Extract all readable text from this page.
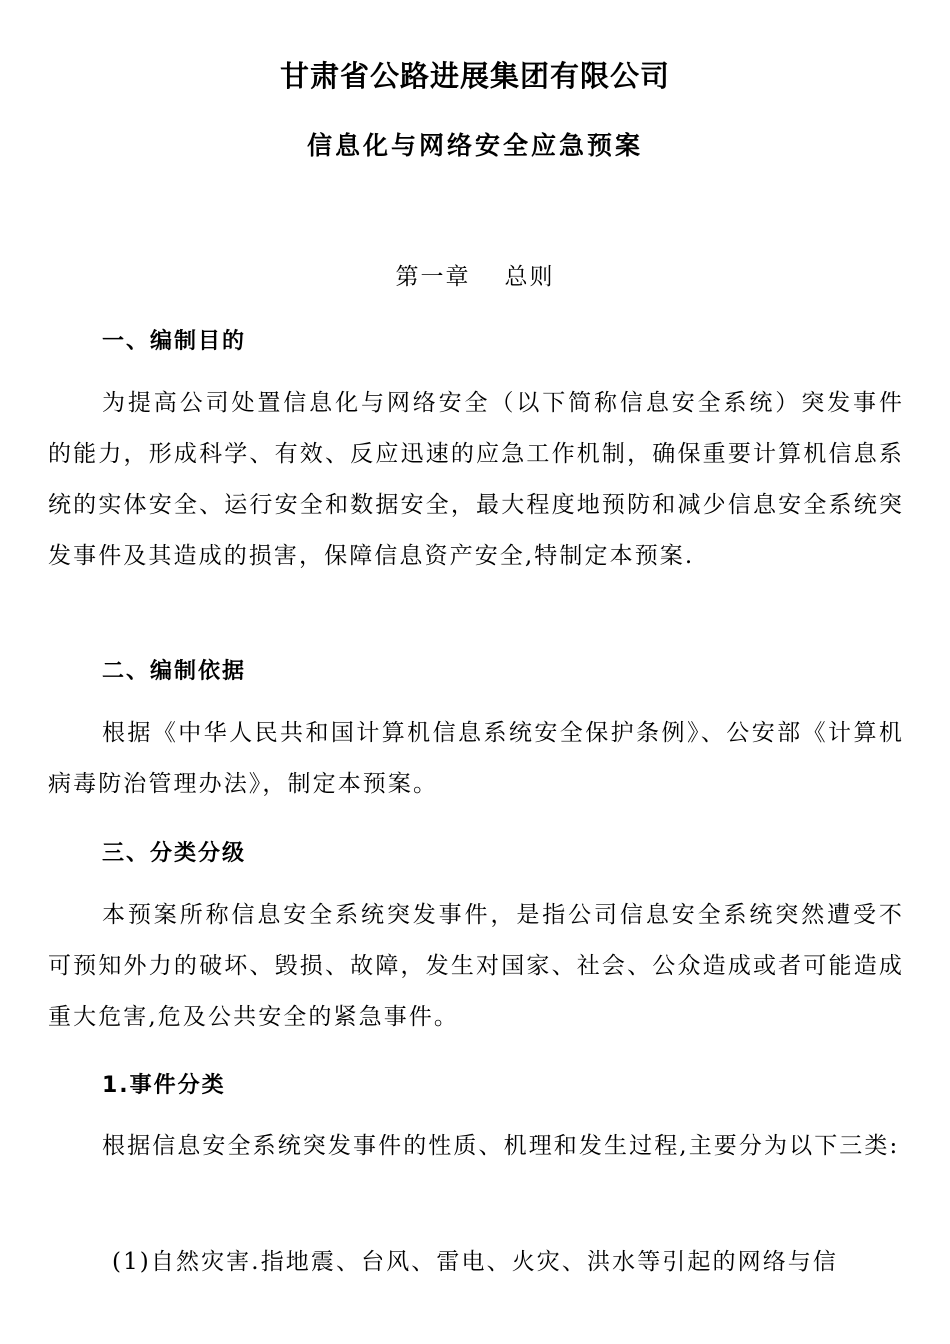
甘肃省公路进展集团有限公司
信息化与网络安全应急预案
第一章 总则
一、编制目的

为提高公司处置信息化与网络安全（以下简称信息安全系统）突发事件的能力，形成科学、有效、反应迅速的应急工作机制，确保重要计算机信息系统的实体安全、运行安全和数据安全，最大程度地预防和减少信息安全系统突发事件及其造成的损害，保障信息资产安全,特制定本预案.

二、编制依据

根据《中华人民共和国计算机信息系统安全保护条例》、公安部《计算机病毒防治管理办法》，制定本预案。

三、分类分级

本预案所称信息安全系统突发事件，是指公司信息安全系统突然遭受不可预知外力的破坏、毁损、故障，发生对国家、社会、公众造成或者可能造成重大危害,危及公共安全的紧急事件。

1.事件分类

根据信息安全系统突发事件的性质、机理和发生过程,主要分为以下三类:

(1)自然灾害.指地震、台风、雷电、火灾、洪水等引起的网络与信
